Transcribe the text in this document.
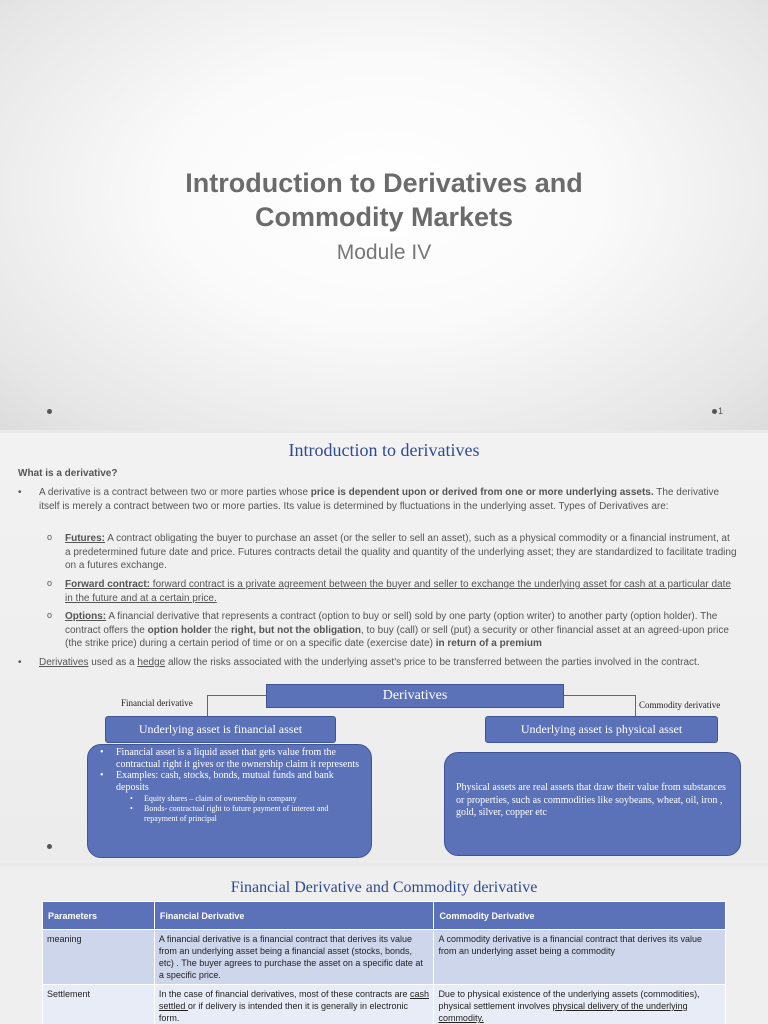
Introduction to Derivatives and
Commodity Markets
Module IV
1
Introduction to derivatives
What is a derivative?
• A derivative is a contract between two or more parties whose price is dependent upon or derived from one or more underlying assets. The derivative itself is merely a contract between two or more parties. Its value is determined by fluctuations in the underlying asset. Types of Derivatives are:
o Futures: A contract obligating the buyer to purchase an asset (or the seller to sell an asset), such as a physical commodity or a financial instrument, at a predetermined future date and price. Futures contracts detail the quality and quantity of the underlying asset; they are standardized to facilitate trading on a futures exchange.
o Forward contract: forward contract is a private agreement between the buyer and seller to exchange the underlying asset for cash at a particular date in the future and at a certain price.
o Options: A financial derivative that represents a contract (option to buy or sell) sold by one party (option writer) to another party (option holder). The contract offers the option holder the right, but not the obligation, to buy (call) or sell (put) a security or other financial asset at an agreed-upon price (the strike price) during a certain period of time or on a specific date (exercise date) in return of a premium
• Derivatives used as a hedge allow the risks associated with the underlying asset's price to be transferred between the parties involved in the contract.
Derivatives
Financial derivative	Commodity derivative
Underlying asset is financial asset	Underlying asset is physical asset
•	Financial asset is a liquid asset that gets value from the contractual right it gives or the ownership claim it represents
•	Examples: cash, stocks, bonds, mutual funds and bank deposits
•	Equity shares – claim of ownership in company
•	Bonds- contractual right to future payment of interest and repayment of principal
Physical assets are real assets that draw their value from substances or properties, such as commodities like soybeans, wheat, oil, iron , gold, silver, copper etc
Financial Derivative and Commodity derivative
Parameters	Financial Derivative	Commodity Derivative
meaning	A financial derivative is a financial contract that derives its value from an underlying asset being a financial asset (stocks, bonds, etc) . The buyer agrees to purchase the asset on a specific date at a specific price.	A commodity derivative is a financial contract that derives its value from an underlying asset being a commodity
Settlement	In the case of financial derivatives, most of these contracts are cash settled or if delivery is intended then it is generally in electronic form.	Due to physical existence of the underlying assets (commodities), physical settlement involves physical delivery of the underlying commodity.
